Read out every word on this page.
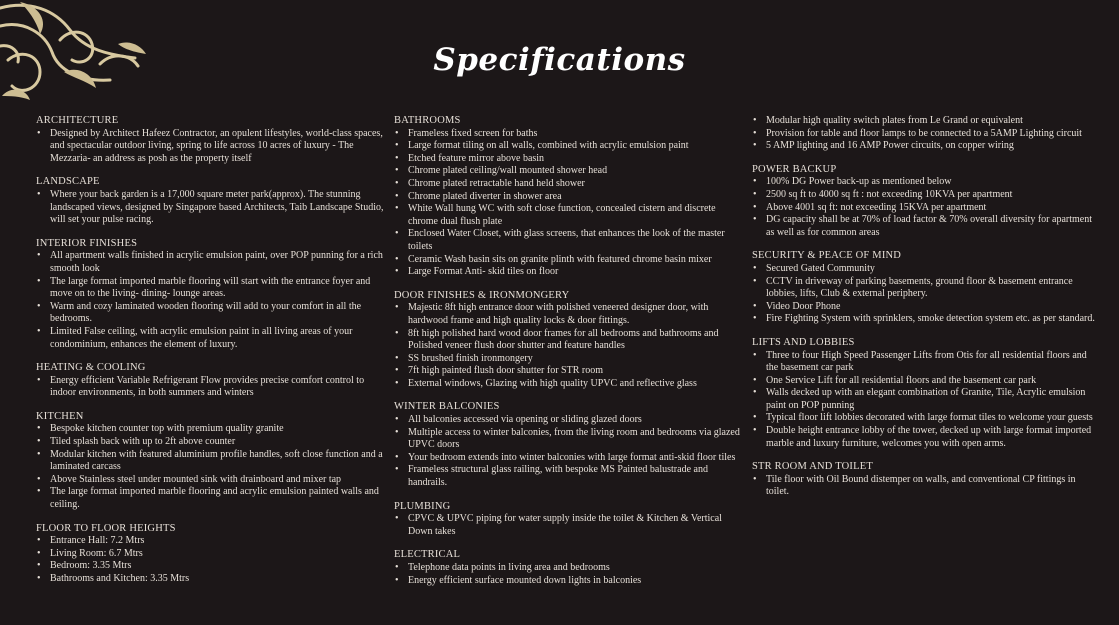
Specifications
ARCHITECTURE
• Designed by Architect Hafeez Contractor, an opulent lifestyles, world-class spaces, and spectacular outdoor living, spring to life across 10 acres of luxury - The Mezzaria- an address as posh as the property itself
LANDSCAPE
• Where your back garden is a 17,000 square meter park(approx). The stunning landscaped views, designed by Singapore based Architects, Taib Landscape Studio, will set your pulse racing.
INTERIOR FINISHES
• All apartment walls finished in acrylic emulsion paint, over POP punning for a rich smooth look
• The large format imported marble flooring will start with the entrance foyer and move on to the living- dining- lounge areas.
• Warm and cozy laminated wooden flooring will add to your comfort in all the bedrooms.
• Limited False ceiling, with acrylic emulsion paint in all living areas of your condominium, enhances the element of luxury.
HEATING & COOLING
• Energy efficient Variable Refrigerant Flow provides precise comfort control to indoor environments, in both summers and winters
KITCHEN
• Bespoke kitchen counter top with premium quality granite
• Tiled splash back with up to 2ft above counter
• Modular kitchen with featured aluminium profile handles, soft close function and a laminated carcass
• Above Stainless steel under mounted sink with drainboard and mixer tap
• The large format imported marble flooring and acrylic emulsion painted walls and ceiling.
FLOOR TO FLOOR HEIGHTS
• Entrance Hall: 7.2 Mtrs
• Living Room: 6.7 Mtrs
• Bedroom: 3.35 Mtrs
• Bathrooms and Kitchen: 3.35 Mtrs
BATHROOMS
• Frameless fixed screen for baths
• Large format tiling on all walls, combined with acrylic emulsion paint
• Etched feature mirror above basin
• Chrome plated ceiling/wall mounted shower head
• Chrome plated retractable hand held shower
• Chrome plated diverter in shower area
• White Wall hung WC with soft close function, concealed cistern and discrete chrome dual flush plate
• Enclosed Water Closet, with glass screens, that enhances the look of the master toilets
• Ceramic Wash basin sits on granite plinth with featured chrome basin mixer
• Large Format Anti- skid tiles on floor
DOOR FINISHES & IRONMONGERY
• Majestic 8ft high entrance door with polished veneered designer door, with hardwood frame and high quality locks & door fittings.
• 8ft high polished hard wood door frames for all bedrooms and bathrooms and Polished veneer flush door shutter and feature handles
• SS brushed finish ironmongery
• 7ft high painted flush door shutter for STR room
• External windows, Glazing with high quality UPVC and reflective glass
WINTER BALCONIES
• All balconies accessed via opening or sliding glazed doors
• Multiple access to winter balconies, from the living room and bedrooms via glazed UPVC doors
• Your bedroom extends into winter balconies with large format anti-skid floor tiles
• Frameless structural glass railing, with bespoke MS Painted balustrade and handrails.
PLUMBING
• CPVC & UPVC piping for water supply inside the toilet & Kitchen & Vertical Down takes
ELECTRICAL
• Telephone data points in living area and bedrooms
• Energy efficient surface mounted down lights in balconies
• Modular high quality switch plates from Le Grand or equivalent
• Provision for table and floor lamps to be connected to a 5AMP Lighting circuit
• 5 AMP lighting and 16 AMP Power circuits, on copper wiring
POWER BACKUP
• 100% DG Power back-up as mentioned below
• 2500 sq ft to 4000 sq ft : not exceeding 10KVA per apartment
• Above 4001 sq ft: not exceeding 15KVA per apartment
• DG capacity shall be at 70% of load factor & 70% overall diversity for apartment as well as for common areas
SECURITY & PEACE OF MIND
• Secured Gated Community
• CCTV in driveway of parking basements, ground floor & basement entrance lobbies, lifts, Club & external periphery.
• Video Door Phone
• Fire Fighting System with sprinklers, smoke detection system etc. as per standard.
LIFTS AND LOBBIES
• Three to four High Speed Passenger Lifts from Otis for all residential floors and the basement car park
• One Service Lift for all residential floors and the basement car park
• Walls decked up with an elegant combination of Granite, Tile, Acrylic emulsion paint on POP punning
• Typical floor lift lobbies decorated with large format tiles to welcome your guests
• Double height entrance lobby of the tower, decked up with large format imported marble and luxury furniture, welcomes you with open arms.
STR ROOM AND TOILET
• Tile floor with Oil Bound distemper on walls, and conventional CP fittings in toilet.
